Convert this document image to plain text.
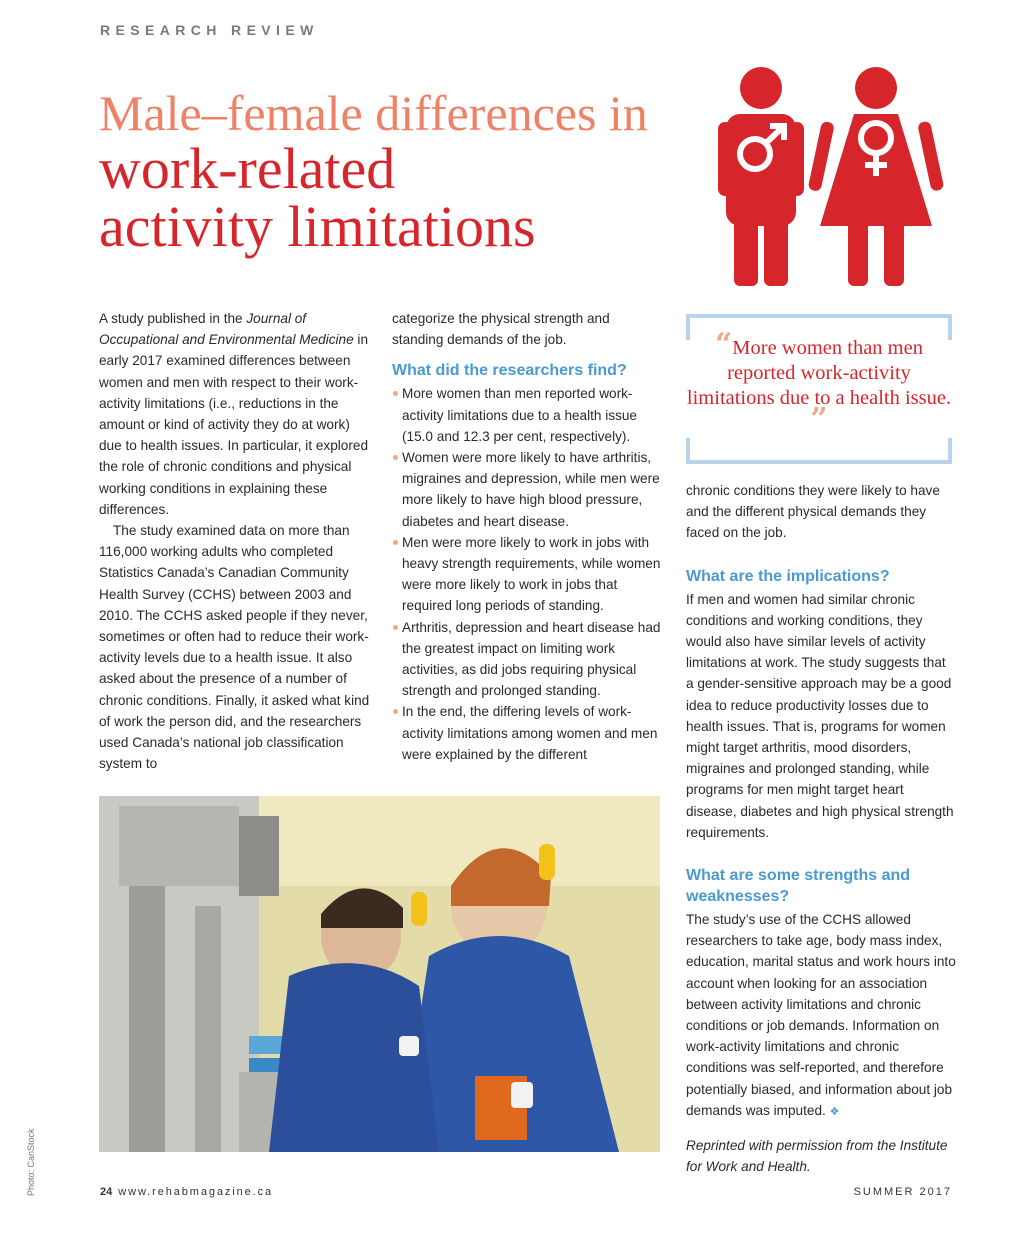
RESEARCH REVIEW
Male–female differences in
work-related
activity limitations

A study published in the Journal of Occupational and Environmental Medicine in early 2017 examined differences between women and men with respect to their work-activity limitations (i.e., reductions in the amount or kind of activity they do at work) due to health issues. In particular, it explored the role of chronic conditions and physical working conditions in explaining these differences.

The study examined data on more than 116,000 working adults who completed Statistics Canada’s Canadian Community Health Survey (CCHS) between 2003 and 2010. The CCHS asked people if they never, sometimes or often had to reduce their work-activity levels due to a health issue. It also asked about the presence of a number of chronic conditions. Finally, it asked what kind of work the person did, and the researchers used Canada’s national job classification system to

categorize the physical strength and standing demands of the job.

What did the researchers find?

More women than men reported work-activity limitations due to a health issue (15.0 and 12.3 per cent, respectively).
Women were more likely to have arthritis, migraines and depression, while men were more likely to have high blood pressure, diabetes and heart disease.
Men were more likely to work in jobs with heavy strength requirements, while women were more likely to work in jobs that required long periods of standing.
Arthritis, depression and heart disease had the greatest impact on limiting work activities, as did jobs requiring physical strength and prolonged standing.
In the end, the differing levels of work-activity limitations among women and men were explained by the different
“More women than men reported work-activity limitations due to a health issue. ”

chronic conditions they were likely to have and the different physical demands they faced on the job.

What are the implications?

If men and women had similar chronic conditions and working conditions, they would also have similar levels of activity limitations at work. The study suggests that a gender-sensitive approach may be a good idea to reduce productivity losses due to health issues. That is, programs for women might target arthritis, mood disorders, migraines and prolonged standing, while programs for men might target heart disease, diabetes and high physical strength requirements.

What are some strengths and weaknesses?

The study’s use of the CCHS allowed researchers to take age, body mass index, education, marital status and work hours into account when looking for an association between activity limitations and chronic conditions or job demands. Information on work-activity limitations and chronic conditions was self-reported, and therefore potentially biased, and information about job demands was imputed. ❖

Reprinted with permission from the Institute for Work and Health.

Photo: CanStock	24 www.rehabmagazine.ca	SUMMER 2017
